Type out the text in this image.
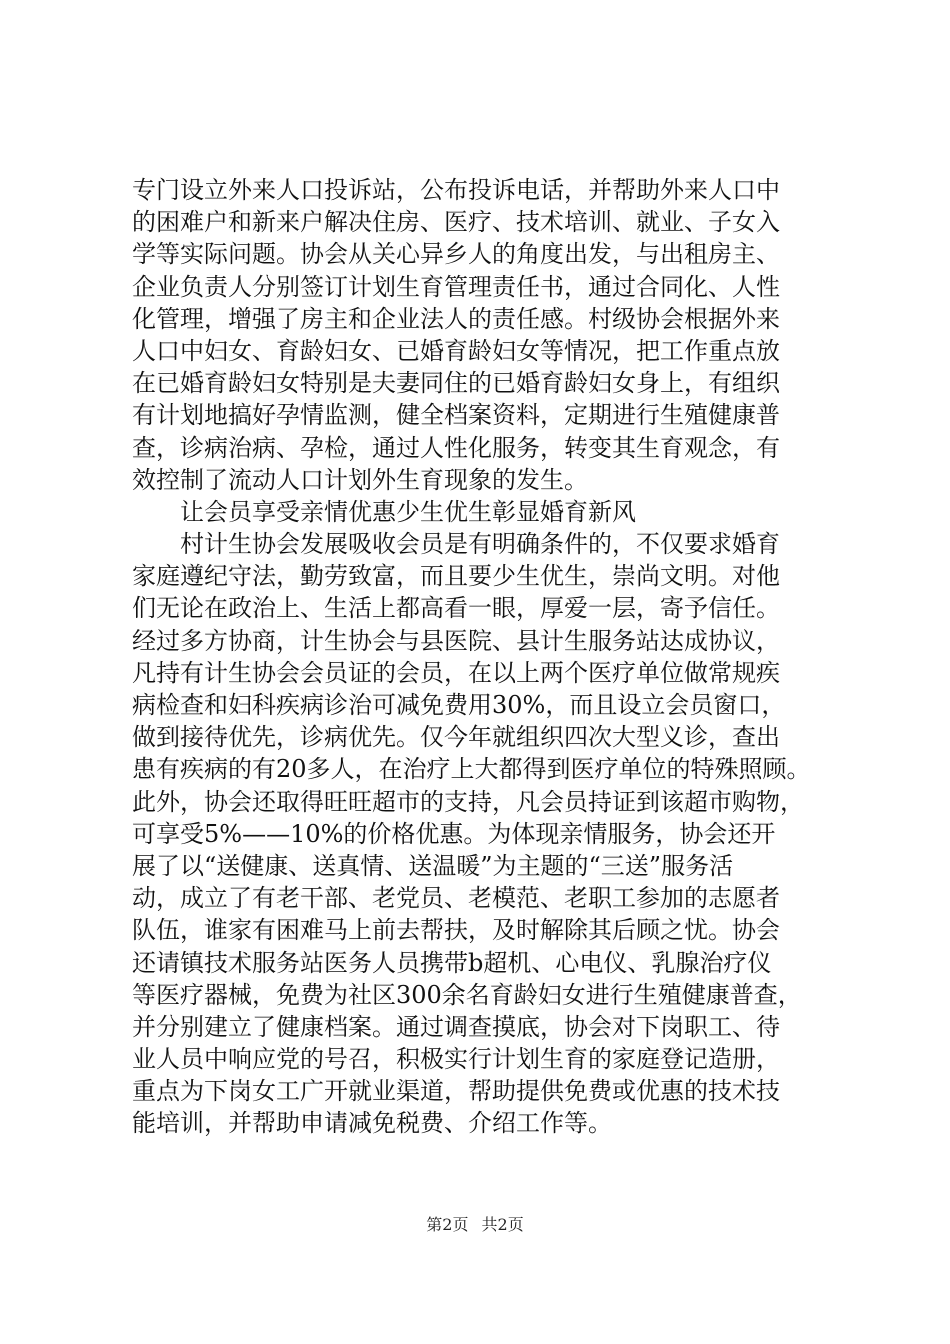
专门设立外来人口投诉站，公布投诉电话，并帮助外来人口中
的困难户和新来户解决住房、医疗、技术培训、就业、子女入
学等实际问题。协会从关心异乡人的角度出发，与出租房主、
企业负责人分别签订计划生育管理责任书，通过合同化、人性
化管理，增强了房主和企业法人的责任感。村级协会根据外来
人口中妇女、育龄妇女、已婚育龄妇女等情况，把工作重点放
在已婚育龄妇女特别是夫妻同住的已婚育龄妇女身上，有组织
有计划地搞好孕情监测，健全档案资料，定期进行生殖健康普
查，诊病治病、孕检，通过人性化服务，转变其生育观念，有
效控制了流动人口计划外生育现象的发生。
让会员享受亲情优惠少生优生彰显婚育新风
村计生协会发展吸收会员是有明确条件的，不仅要求婚育
家庭遵纪守法，勤劳致富，而且要少生优生，崇尚文明。对他
们无论在政治上、生活上都高看一眼，厚爱一层，寄予信任。
经过多方协商，计生协会与县医院、县计生服务站达成协议，
凡持有计生协会会员证的会员，在以上两个医疗单位做常规疾
病检查和妇科疾病诊治可减免费用30%，而且设立会员窗口，
做到接待优先，诊病优先。仅今年就组织四次大型义诊，查出
患有疾病的有20多人，在治疗上大都得到医疗单位的特殊照顾。
此外，协会还取得旺旺超市的支持，凡会员持证到该超市购物，
可享受5%——10%的价格优惠。为体现亲情服务，协会还开
展了以“送健康、送真情、送温暖”为主题的“三送”服务活
动，成立了有老干部、老党员、老模范、老职工参加的志愿者
队伍，谁家有困难马上前去帮扶，及时解除其后顾之忧。协会
还请镇技术服务站医务人员携带b超机、心电仪、乳腺治疗仪
等医疗器械，免费为社区300余名育龄妇女进行生殖健康普查，
并分别建立了健康档案。通过调查摸底，协会对下岗职工、待
业人员中响应党的号召，积极实行计划生育的家庭登记造册，
重点为下岗女工广开就业渠道，帮助提供免费或优惠的技术技
能培训，并帮助申请减免税费、介绍工作等。
第2页 共2页
